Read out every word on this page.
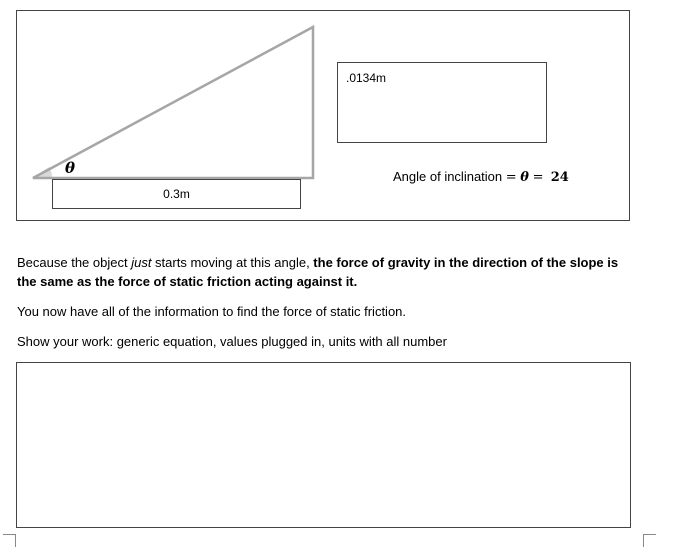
θ
.0134m
0.3m
Angle of inclination = θ = 24
Because the object just starts moving at this angle, the force of gravity in the direction of the slope is the same as the force of static friction acting against it.
You now have all of the information to find the force of static friction.
Show your work: generic equation, values plugged in, units with all number
